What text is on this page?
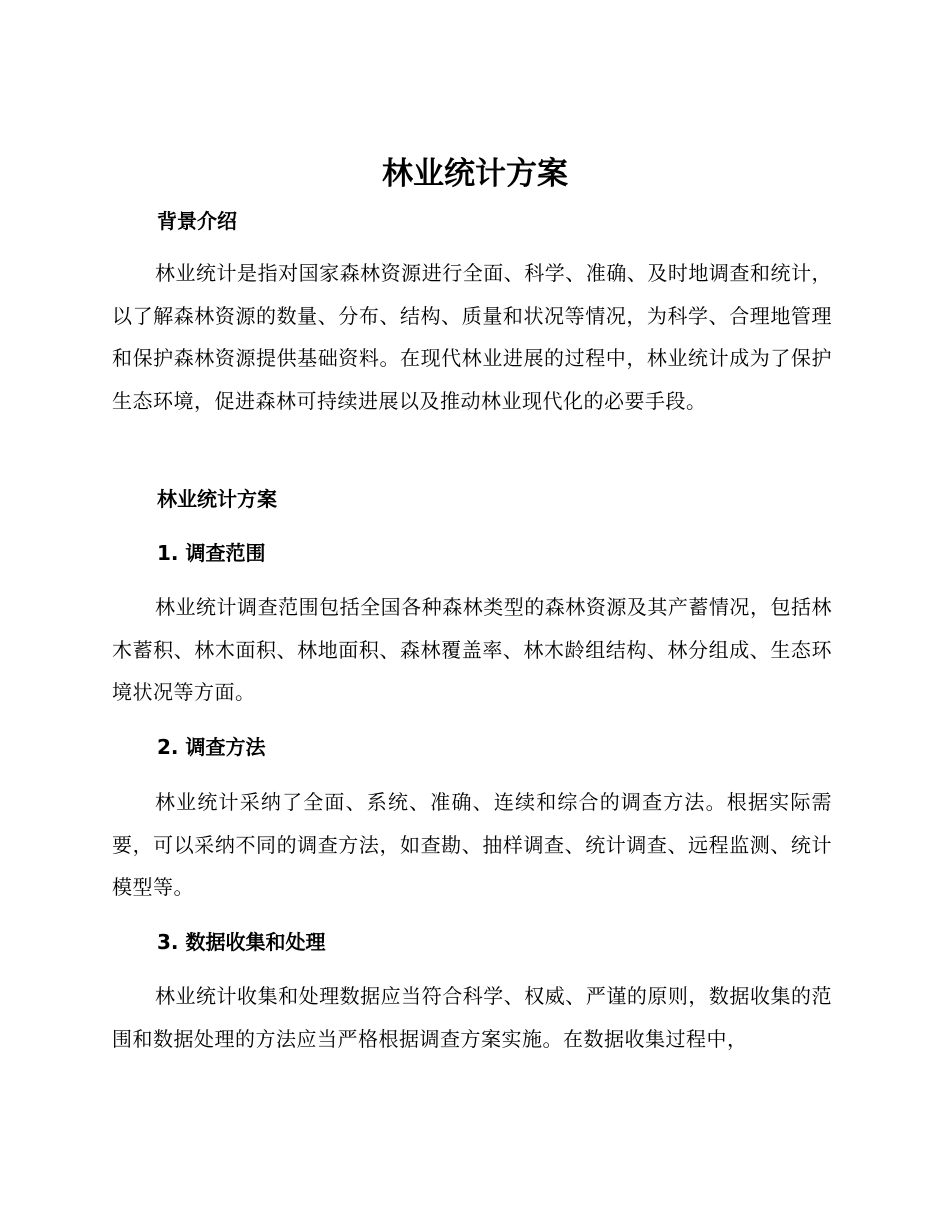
林业统计方案
背景介绍

林业统计是指对国家森林资源进行全面、科学、准确、及时地调查和统计，以了解森林资源的数量、分布、结构、质量和状况等情况，为科学、合理地管理和保护森林资源提供基础资料。在现代林业进展的过程中，林业统计成为了保护生态环境，促进森林可持续进展以及推动林业现代化的必要手段。

林业统计方案
1. 调查范围

林业统计调查范围包括全国各种森林类型的森林资源及其产蓄情况，包括林木蓄积、林木面积、林地面积、森林覆盖率、林木龄组结构、林分组成、生态环境状况等方面。

2. 调查方法

林业统计采纳了全面、系统、准确、连续和综合的调查方法。根据实际需要，可以采纳不同的调查方法，如查勘、抽样调查、统计调查、远程监测、统计模型等。

3. 数据收集和处理

林业统计收集和处理数据应当符合科学、权威、严谨的原则，数据收集的范围和数据处理的方法应当严格根据调查方案实施。在数据收集过程中，
